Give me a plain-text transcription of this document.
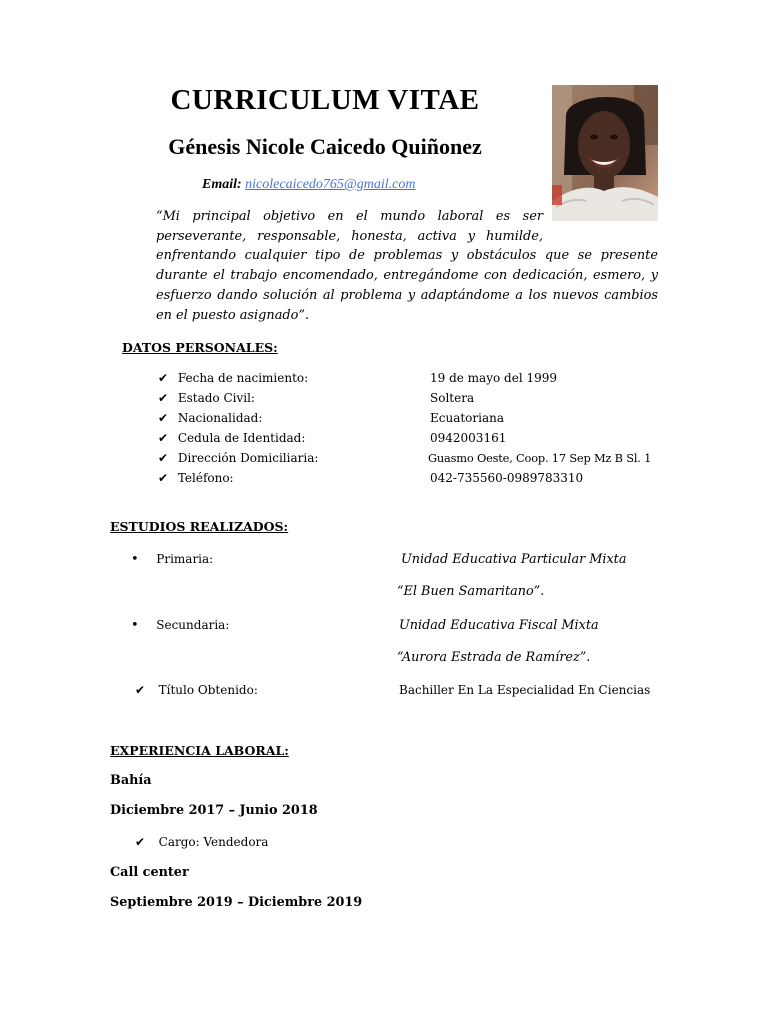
CURRICULUM VITAE
Génesis Nicole Caicedo Quiñonez
Email: nicolecaicedo765@gmail.com
“Mi principal objetivo en el mundo laboral es ser perseverante, responsable, honesta, activa y humilde, enfrentando cualquier tipo de problemas y obstáculos que se presente durante el trabajo encomendado, entregándome con dedicación, esmero, y esfuerzo dando solución al problema y adaptándome a los nuevos cambios en el puesto asignado”.
DATOS PERSONALES:
✔ Fecha de nacimiento:	19 de mayo del 1999
✔ Estado Civil:	Soltera
✔ Nacionalidad:	Ecuatoriana
✔ Cedula de Identidad:	0942003161
✔ Dirección Domiciliaria:	Guasmo Oeste, Coop. 17 Sep Mz B Sl. 1
✔ Teléfono:	042-735560-0989783310
ESTUDIOS REALIZADOS:
• Primaria:	Unidad Educativa Particular Mixta
“El Buen Samaritano”.
• Secundaria:	Unidad Educativa Fiscal Mixta
“Aurora Estrada de Ramírez”.
✔ Título Obtenido:	Bachiller En La Especialidad En Ciencias
EXPERIENCIA LABORAL:
Bahía
Diciembre 2017 – Junio 2018
✔ Cargo: Vendedora
Call center
Septiembre 2019 – Diciembre 2019
